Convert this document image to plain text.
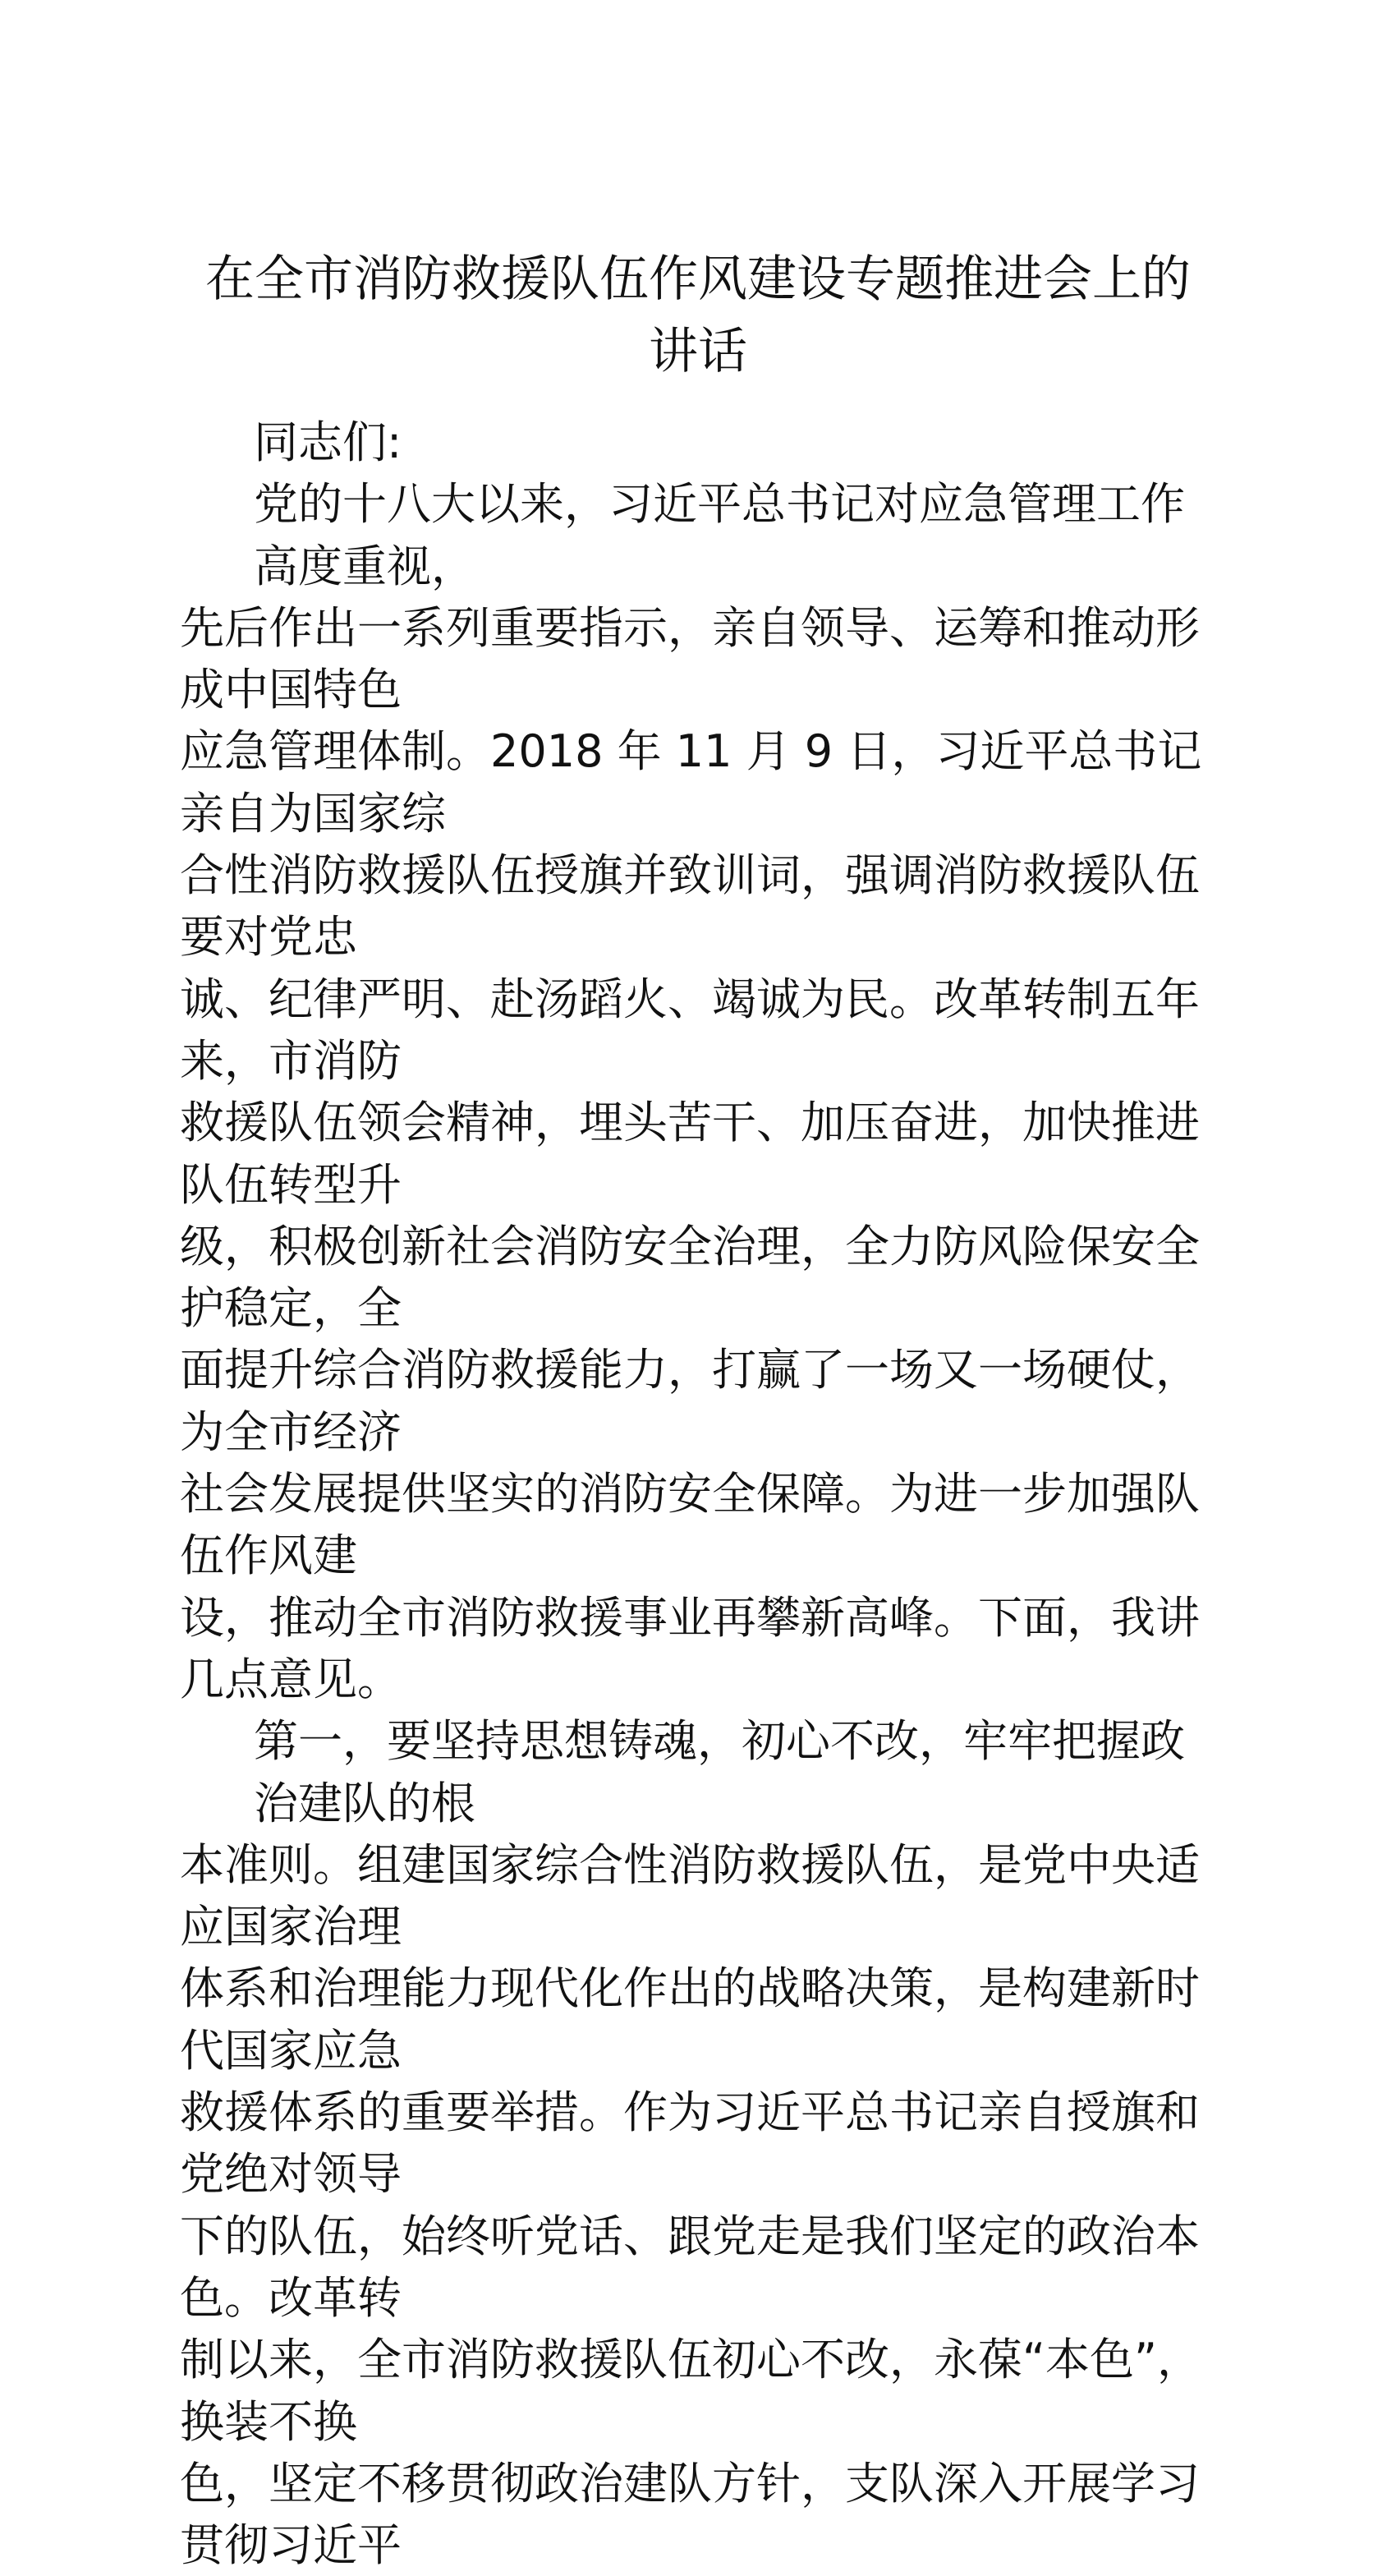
在全市消防救援队伍作风建设专题推进会上的
讲话
同志们:
党的十八大以来，习近平总书记对应急管理工作高度重视，
先后作出一系列重要指示，亲自领导、运筹和推动形成中国特色
应急管理体制。2018 年 11 月 9 日，习近平总书记亲自为国家综
合性消防救援队伍授旗并致训词，强调消防救援队伍要对党忠
诚、纪律严明、赴汤蹈火、竭诚为民。改革转制五年来，市消防
救援队伍领会精神，埋头苦干、加压奋进，加快推进队伍转型升
级，积极创新社会消防安全治理，全力防风险保安全护稳定，全
面提升综合消防救援能力，打赢了一场又一场硬仗，为全市经济
社会发展提供坚实的消防安全保障。为进一步加强队伍作风建
设，推动全市消防救援事业再攀新高峰。下面，我讲几点意见。
第一，要坚持思想铸魂，初心不改，牢牢把握政治建队的根
本准则。组建国家综合性消防救援队伍，是党中央适应国家治理
体系和治理能力现代化作出的战略决策，是构建新时代国家应急
救援体系的重要举措。作为习近平总书记亲自授旗和党绝对领导
下的队伍，始终听党话、跟党走是我们坚定的政治本色。改革转
制以来，全市消防救援队伍初心不改，永葆“本色”，换装不换
色，坚定不移贯彻政治建队方针，支队深入开展学习贯彻习近平
